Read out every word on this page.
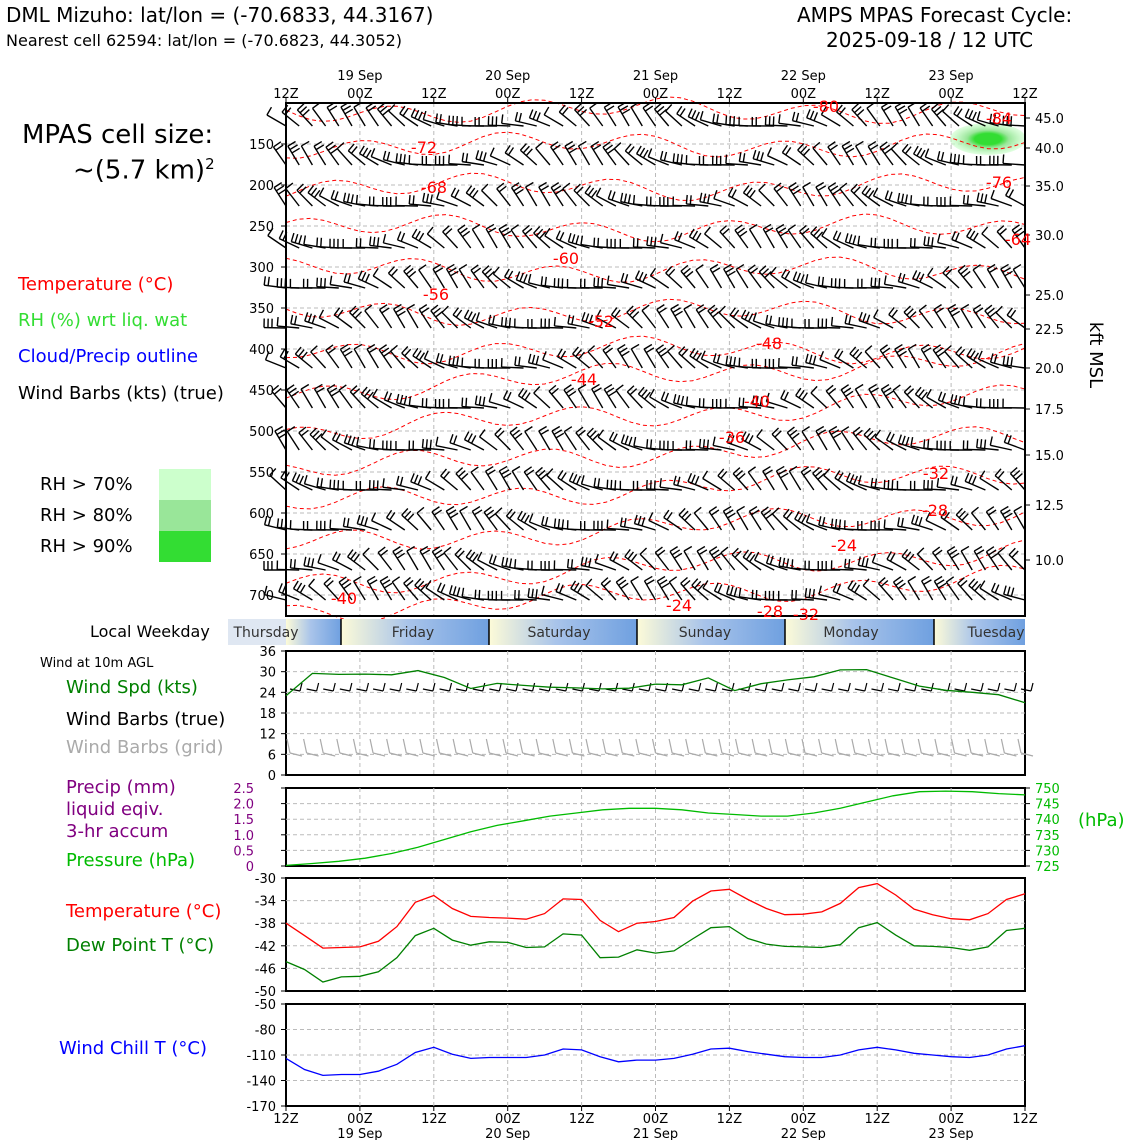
DML Mizuho: lat/lon = (-70.6833, 44.3167)
Nearest cell 62594: lat/lon = (-70.6823, 44.3052)
AMPS MPAS Forecast Cycle:
2025-09-18 / 12 UTC
MPAS cell size:
~(5.7 km)$^2$
Temperature (°C)
RH (%) wrt liq. wat
Cloud/Precip outline
Wind Barbs (kts) (true)
RH > 70%
RH > 80%
RH > 90%
Local Weekday
Wind at 10m AGL
Wind Spd (kts)
Wind Barbs (true)
Wind Barbs (grid)
Precip (mm)
liquid eqiv.
3-hr accum
Pressure (hPa)
(hPa)
Temperature (°C)
Dew Point T (°C)
Wind Chill T (°C)
12Z
12Z
00Z
00Z
12Z
12Z
00Z
00Z
12Z
12Z
00Z
00Z
12Z
12Z
00Z
00Z
12Z
12Z
00Z
00Z
12Z
12Z
19 Sep
19 Sep
20 Sep
20 Sep
21 Sep
21 Sep
22 Sep
22 Sep
23 Sep
23 Sep
150
200
250
300
350
400
450
500
550
600
650
700
45.0
40.0
35.0
30.0
25.0
22.5
20.0
17.5
15.0
12.5
10.0
kft MSL
-80
-84
-72
-76
-68
-64
-60
-56
-52
-48
-44
-40
-36
-32
-28
-24
-40	-24	-28 -32
Thursday	Friday	Saturday	Sunday	Monday	Tuesday
36
30
24
18
12
6
0
2.5
2.0
1.5
1.0
0.5
0
750
745
740
735
730
725
-30
-34
-38
-42
-46
-50
-50
-80
-110
-140
-170
